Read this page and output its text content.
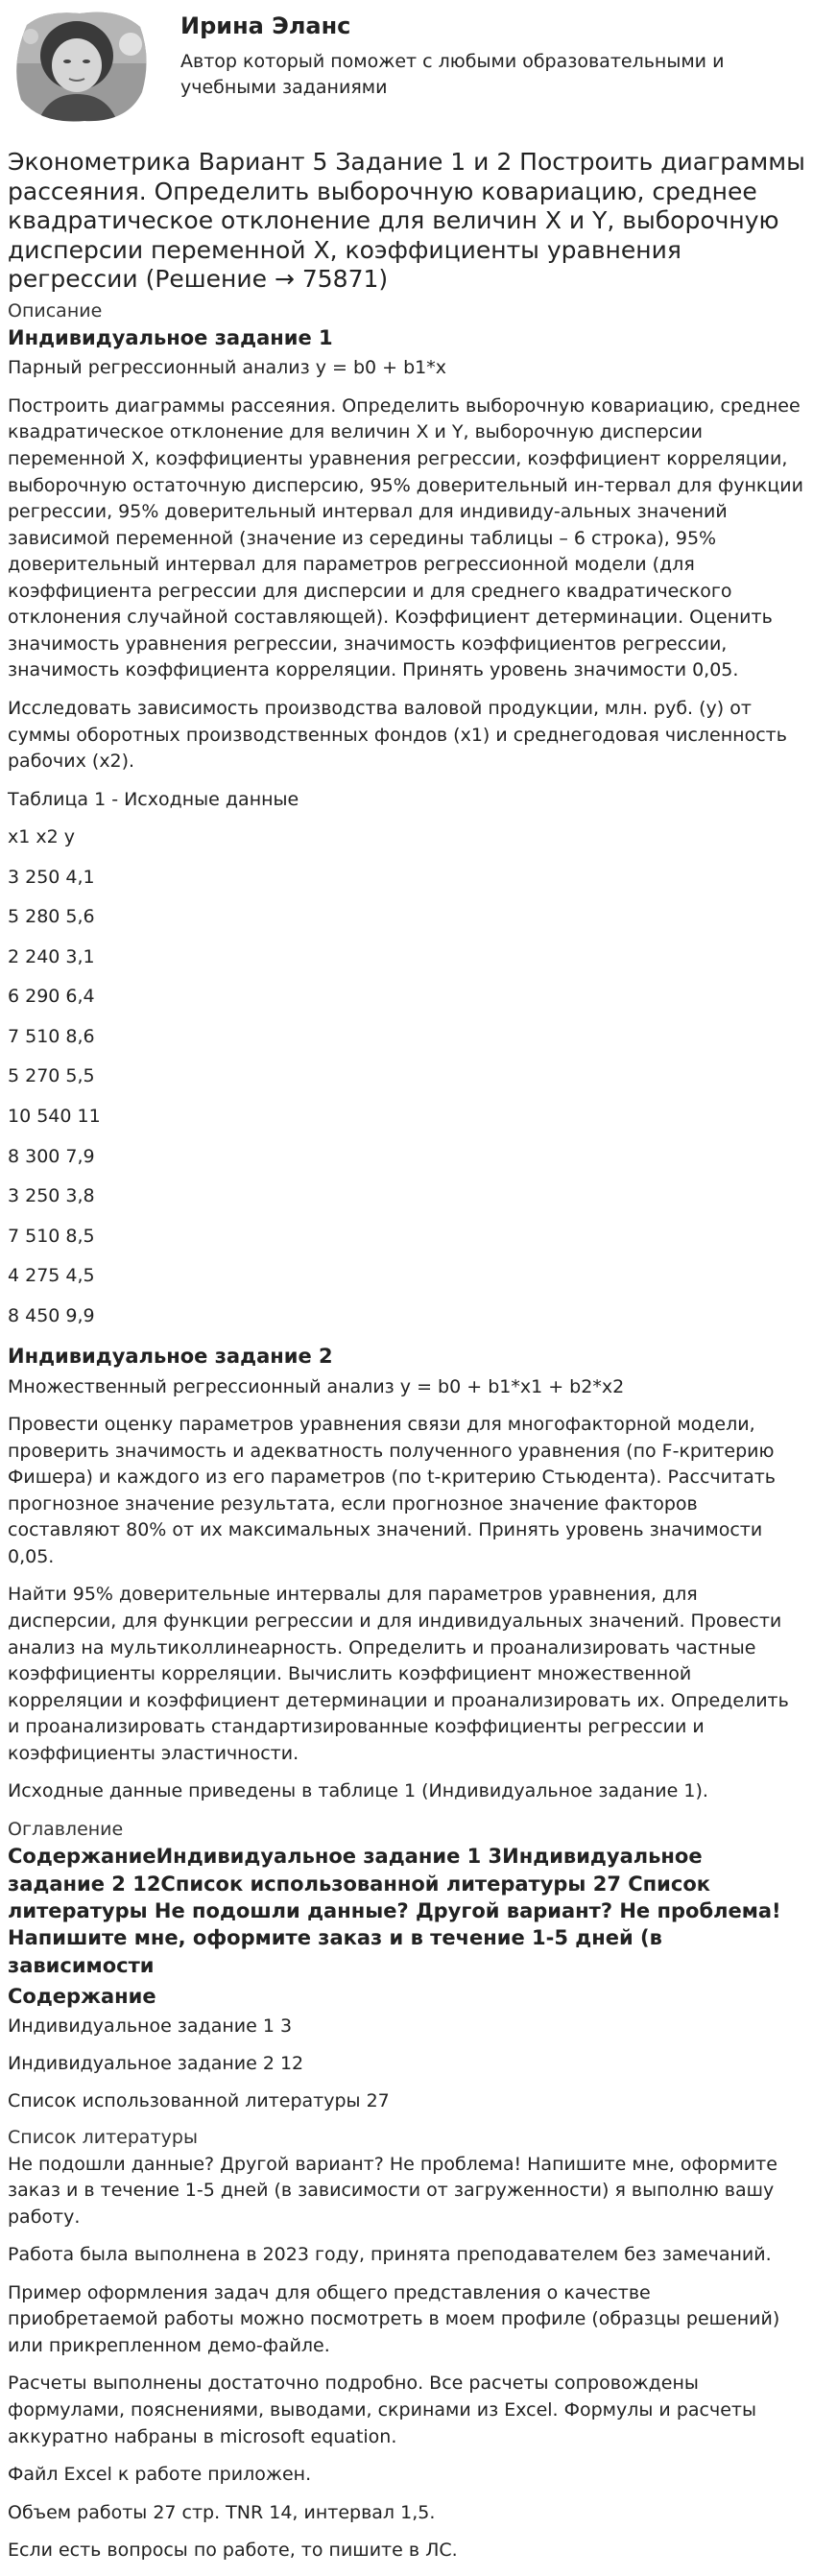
Ирина Эланс
Автор который поможет с любыми образовательными и учебными заданиями
Эконометрика Вариант 5 Задание 1 и 2 Построить диаграммы рассеяния. Определить выборочную ковариацию, среднее квадратическое отклонение для величин X и Y, выборочную дисперсии переменной X, коэффициенты уравнения регрессии (Решение → 75871)
Описание
Индивидуальное задание 1

Парный регрессионный анализ y = b0 + b1*x

Построить диаграммы рассеяния. Определить выборочную ковариацию, среднее квадратическое отклонение для величин X и Y, выборочную дисперсии переменной X, коэффициенты уравнения регрессии, коэффициент корреляции, выборочную остаточную дисперсию, 95% доверительный ин-тервал для функции регрессии, 95% доверительный интервал для индивиду-альных значений зависимой переменной (значение из середины таблицы – 6 строка), 95% доверительный интервал для параметров регрессионной модели (для коэффициента регрессии для дисперсии и для среднего квадратического отклонения случайной составляющей). Коэффициент детерминации. Оценить значимость уравнения регрессии, значимость коэффициентов регрессии, значимость коэффициента корреляции. Принять уровень значимости 0,05.

Исследовать зависимость производства валовой продукции, млн. руб. (y) от суммы оборотных производственных фондов (x1) и среднегодовая численность рабочих (x2).

Таблица 1 - Исходные данные

x1 x2 y
3 250 4,1
5 280 5,6
2 240 3,1
6 290 6,4
7 510 8,6
5 270 5,5
10 540 11
8 300 7,9
3 250 3,8
7 510 8,5
4 275 4,5
8 450 9,9
Индивидуальное задание 2

Множественный регрессионный анализ y = b0 + b1*x1 + b2*x2

Провести оценку параметров уравнения связи для многофакторной модели, проверить значимость и адекватность полученного уравнения (по F-критерию Фишера) и каждого из его параметров (по t-критерию Стьюдента). Рассчитать прогнозное значение результата, если прогнозное значение факторов составляют 80% от их максимальных значений. Принять уровень значимости 0,05.

Найти 95% доверительные интервалы для параметров уравнения, для дисперсии, для функции регрессии и для индивидуальных значений. Провести анализ на мультиколлинеарность. Определить и проанализировать частные коэффициенты корреляции. Вычислить коэффициент множественной корреляции и коэффициент детерминации и проанализировать их. Определить и проанализировать стандартизированные коэффициенты регрессии и коэффициенты эластичности.

Исходные данные приведены в таблице 1 (Индивидуальное задание 1).

Оглавление
СодержаниеИндивидуальное задание 1 3Индивидуальное задание 2 12Список использованной литературы 27 Список литературы Не подошли данные? Другой вариант? Не проблема! Напишите мне, оформите заказ и в течение 1-5 дней (в зависимости
Содержание

Индивидуальное задание 1 3

Индивидуальное задание 2 12

Список использованной литературы 27

Список литературы

Не подошли данные? Другой вариант? Не проблема! Напишите мне, оформите заказ и в течение 1-5 дней (в зависимости от загруженности) я выполню вашу работу.

Работа была выполнена в 2023 году, принята преподавателем без замечаний.

Пример оформления задач для общего представления о качестве приобретаемой работы можно посмотреть в моем профиле (образцы решений) или прикрепленном демо-файле.

Расчеты выполнены достаточно подробно. Все расчеты сопровождены формулами, пояснениями, выводами, скринами из Excel. Формулы и расчеты аккуратно набраны в microsoft equation.

Файл Excel к работе приложен.

Объем работы 27 стр. TNR 14, интервал 1,5.

Если есть вопросы по работе, то пишите в ЛС.
